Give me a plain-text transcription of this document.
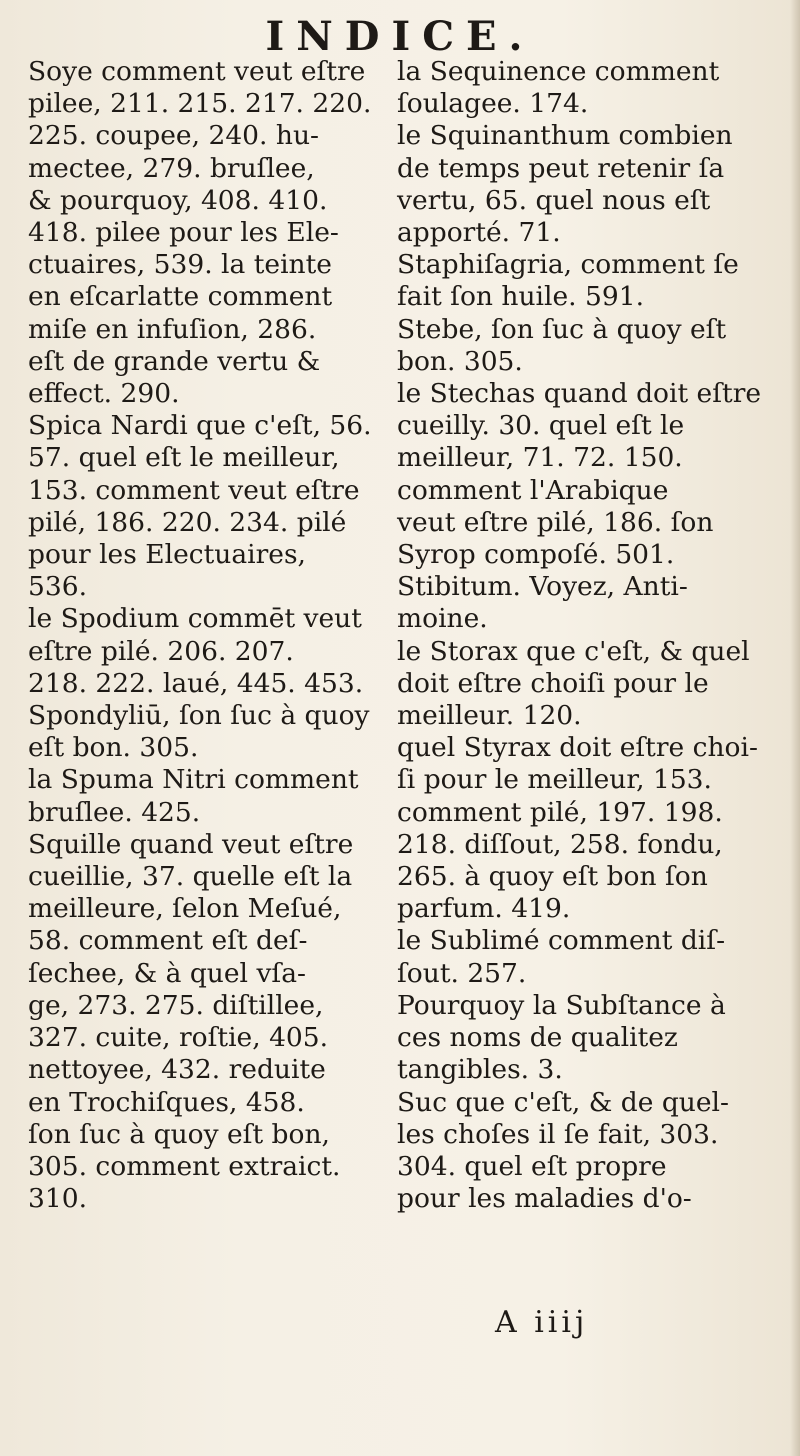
INDICE.

Soye comment veut eſtre
pilee, 211. 215. 217. 220.
225. coupee, 240. hu-
mectee, 279. bruſlee,
& pourquoy, 408. 410.
418. pilee pour les Ele-
ctuaires, 539. la teinte
en eſcarlatte comment
miſe en infuſion, 286.
eſt de grande vertu &
effect. 290.

Spica Nardi que c'eſt, 56.
57. quel eſt le meilleur,
153. comment veut eſtre
pilé, 186. 220. 234. pilé
pour les Electuaires,
536.

le Spodium commēt veut
eſtre pilé. 206. 207.
218. 222. laué, 445. 453.

Spondyliū, ſon ſuc à quoy
eſt bon. 305.

la Spuma Nitri comment
bruſlee. 425.

Squille quand veut eſtre
cueillie, 37. quelle eſt la
meilleure, ſelon Meſué,
58. comment eſt deſ-
ſechee, & à quel vſa-
ge, 273. 275. diſtillee,
327. cuite, roſtie, 405.
nettoyee, 432. reduite
en Trochiſques, 458.
ſon ſuc à quoy eſt bon,
305. comment extraict.
310.

la Sequinence comment
ſoulagee. 174.

le Squinanthum combien
de temps peut retenir ſa
vertu, 65. quel nous eſt
apporté. 71.

Staphiſagria, comment ſe
fait ſon huile. 591.

Stebe, ſon ſuc à quoy eſt
bon. 305.

le Stechas quand doit eſtre
cueilly. 30. quel eſt le
meilleur, 71. 72. 150.
comment l'Arabique
veut eſtre pilé, 186. ſon
Syrop compoſé. 501.

Stibitum. Voyez, Anti-
moine.

le Storax que c'eſt, & quel
doit eſtre choiſi pour le
meilleur. 120.

quel Styrax doit eſtre choi-
ſi pour le meilleur, 153.
comment pilé, 197. 198.
218. diſſout, 258. fondu,
265. à quoy eſt bon ſon
parfum. 419.

le Sublimé comment diſ-
ſout. 257.

Pourquoy la Subſtance à
ces noms de qualitez
tangibles. 3.

Suc que c'eſt, & de quel-
les choſes il ſe fait, 303.
304. quel eſt propre
pour les maladies d'o-

A iiij
